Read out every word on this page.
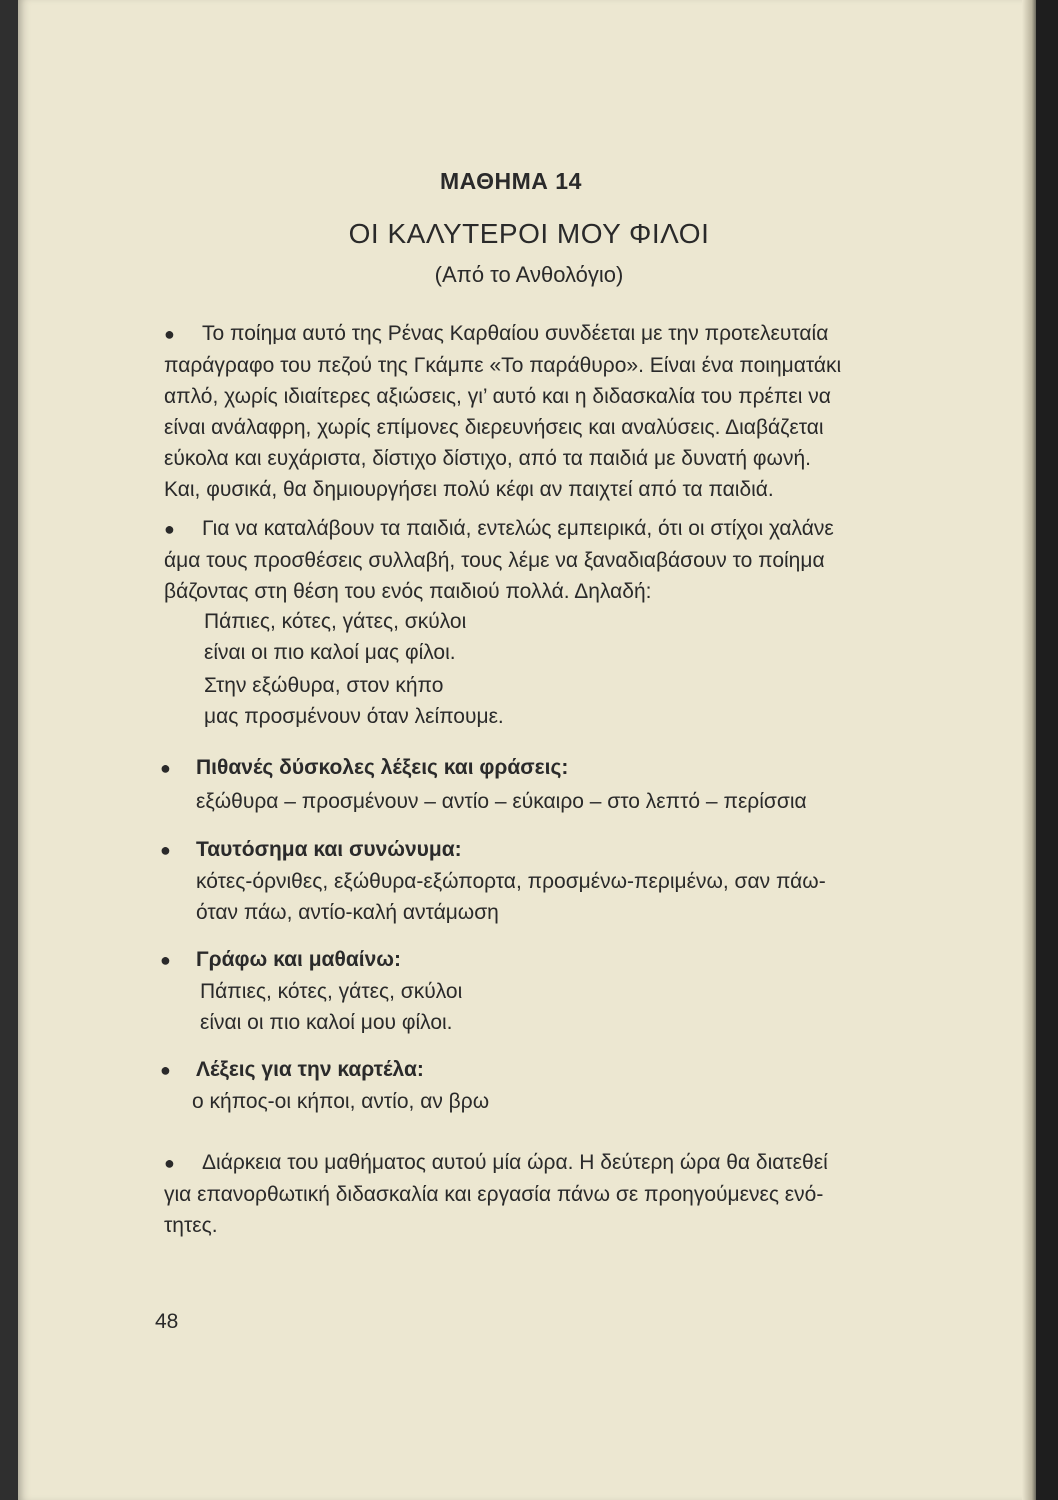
ΜΑΘΗΜΑ 14
ΟΙ ΚΑΛΥΤΕΡΟΙ ΜΟΥ ΦΙΛΟΙ
(Από το Ανθολόγιο)
● Το ποίημα αυτό της Ρένας Καρθαίου συνδέεται με την προτελευταία
παράγραφο του πεζού της Γκάμπε «Το παράθυρο». Είναι ένα ποιηματάκι
απλό, χωρίς ιδιαίτερες αξιώσεις, γι’ αυτό και η διδασκαλία του πρέπει να
είναι ανάλαφρη, χωρίς επίμονες διερευνήσεις και αναλύσεις. Διαβάζεται
εύκολα και ευχάριστα, δίστιχο δίστιχο, από τα παιδιά με δυνατή φωνή.
Και, φυσικά, θα δημιουργήσει πολύ κέφι αν παιχτεί από τα παιδιά.
● Για να καταλάβουν τα παιδιά, εντελώς εμπειρικά, ότι οι στίχοι χαλάνε
άμα τους προσθέσεις συλλαβή, τους λέμε να ξαναδιαβάσουν το ποίημα
βάζοντας στη θέση του ενός παιδιού πολλά. Δηλαδή:
Πάπιες, κότες, γάτες, σκύλοι
είναι οι πιο καλοί μας φίλοι.
Στην εξώθυρα, στον κήπο
μας προσμένουν όταν λείπουμε.
● Πιθανές δύσκολες λέξεις και φράσεις:
εξώθυρα – προσμένουν – αντίο – εύκαιρο – στο λεπτό – περίσσια
● Ταυτόσημα και συνώνυμα:
κότες-όρνιθες, εξώθυρα-εξώπορτα, προσμένω-περιμένω, σαν πάω-
όταν πάω, αντίο-καλή αντάμωση
● Γράφω και μαθαίνω:
Πάπιες, κότες, γάτες, σκύλοι
είναι οι πιο καλοί μου φίλοι.
● Λέξεις για την καρτέλα:
ο κήπος-οι κήποι, αντίο, αν βρω
● Διάρκεια του μαθήματος αυτού μία ώρα. Η δεύτερη ώρα θα διατεθεί
για επανορθωτική διδασκαλία και εργασία πάνω σε προηγούμενες ενό-
τητες.
48
